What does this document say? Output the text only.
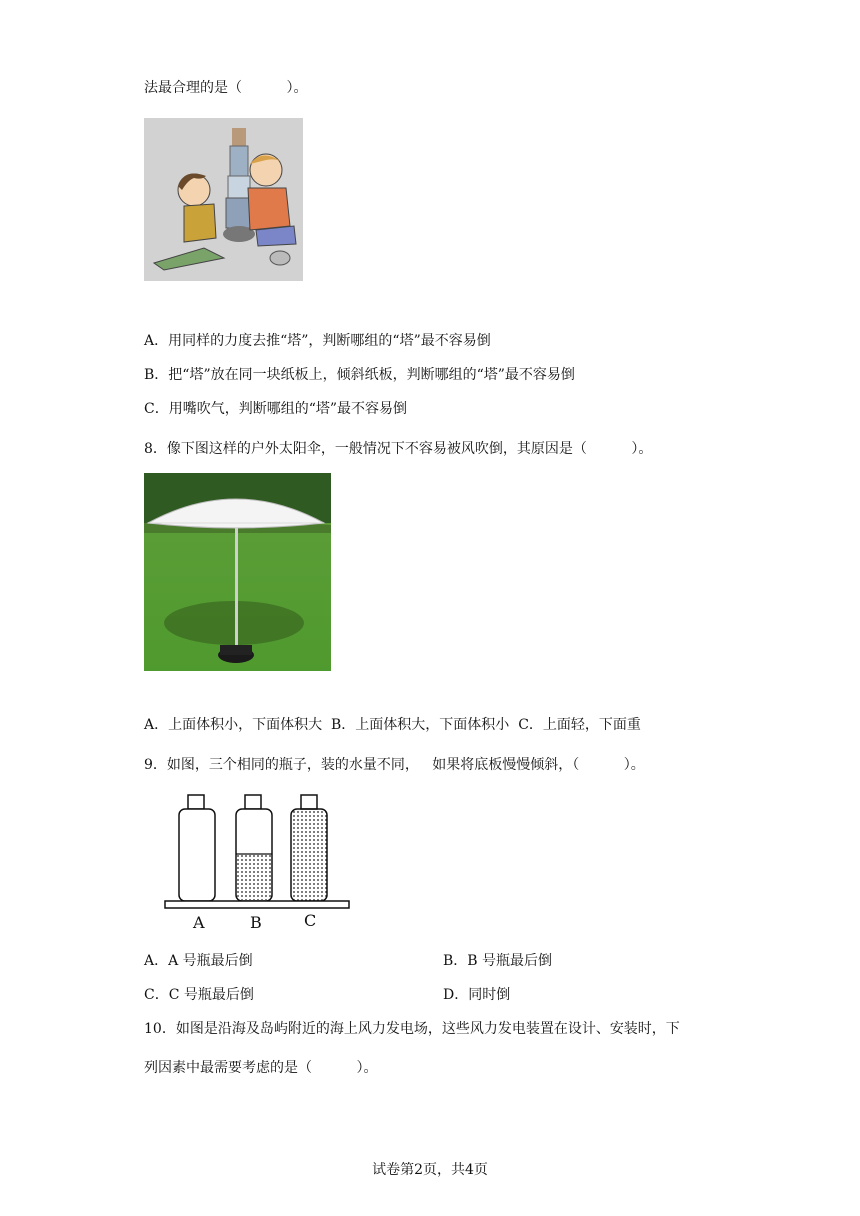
法最合理的是（          ）。
A．用同样的力度去推“塔”，判断哪组的“塔”最不容易倒
B．把“塔”放在同一块纸板上，倾斜纸板，判断哪组的“塔”最不容易倒
C．用嘴吹气，判断哪组的“塔”最不容易倒
8．像下图这样的户外太阳伞，一般情况下不容易被风吹倒，其原因是（          ）。
A．上面体积小，下面体积大  B．上面体积大，下面体积小  C．上面轻，下面重
9．如图，三个相同的瓶子，装的水量不同，   如果将底板慢慢倾斜，（          ）。
A	B	C
A．A 号瓶最后倒	B．B 号瓶最后倒
C．C 号瓶最后倒	D．同时倒
10．如图是沿海及岛屿附近的海上风力发电场，这些风力发电装置在设计、安装时，下
列因素中最需要考虑的是（          ）。
试卷第2页，共4页
